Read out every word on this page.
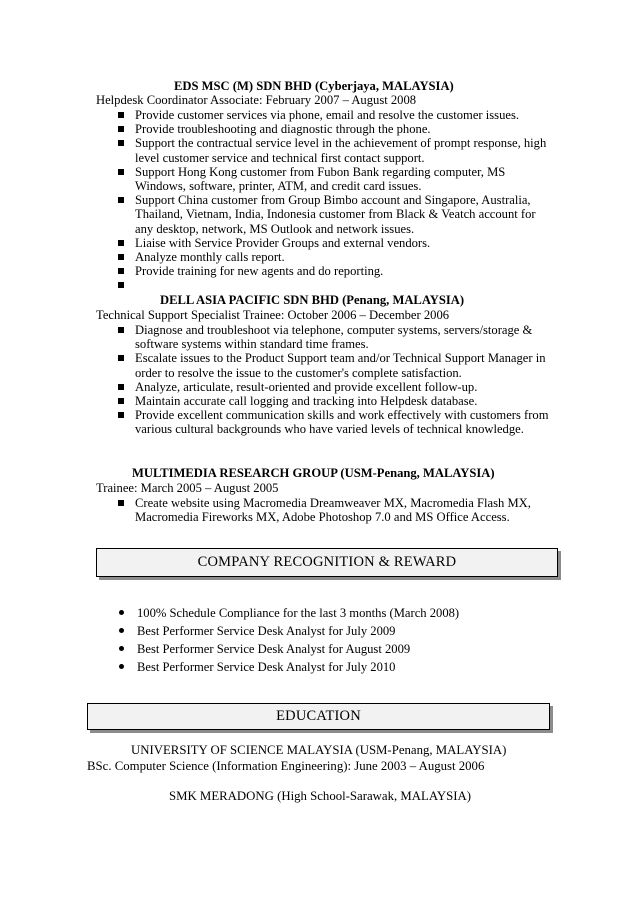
EDS MSC (M) SDN BHD (Cyberjaya, MALAYSIA)
Helpdesk Coordinator Associate: February 2007 – August 2008
Provide customer services via phone, email and resolve the customer issues.
Provide troubleshooting and diagnostic through the phone.
Support the contractual service level in the achievement of prompt response, high level customer service and technical first contact support.
Support Hong Kong customer from Fubon Bank regarding computer, MS Windows, software, printer, ATM, and credit card issues.
Support China customer from Group Bimbo account and Singapore, Australia, Thailand, Vietnam, India, Indonesia customer from Black & Veatch account for any desktop, network, MS Outlook and network issues.
Liaise with Service Provider Groups and external vendors.
Analyze monthly calls report.
Provide training for new agents and do reporting.
DELL ASIA PACIFIC SDN BHD (Penang, MALAYSIA)
Technical Support Specialist Trainee: October 2006 – December 2006
Diagnose and troubleshoot via telephone, computer systems, servers/storage & software systems within standard time frames.
Escalate issues to the Product Support team and/or Technical Support Manager in order to resolve the issue to the customer's complete satisfaction.
Analyze, articulate, result-oriented and provide excellent follow-up.
Maintain accurate call logging and tracking into Helpdesk database.
Provide excellent communication skills and work effectively with customers from various cultural backgrounds who have varied levels of technical knowledge.
MULTIMEDIA RESEARCH GROUP (USM-Penang, MALAYSIA)
Trainee: March 2005 – August 2005
Create website using Macromedia Dreamweaver MX, Macromedia Flash MX, Macromedia Fireworks MX, Adobe Photoshop 7.0 and MS Office Access.
COMPANY RECOGNITION & REWARD
100% Schedule Compliance for the last 3 months (March 2008)
Best Performer Service Desk Analyst for July 2009
Best Performer Service Desk Analyst for August 2009
Best Performer Service Desk Analyst for July 2010
EDUCATION
UNIVERSITY OF SCIENCE MALAYSIA (USM-Penang, MALAYSIA)
BSc. Computer Science (Information Engineering): June 2003 – August 2006
SMK MERADONG (High School-Sarawak, MALAYSIA)
